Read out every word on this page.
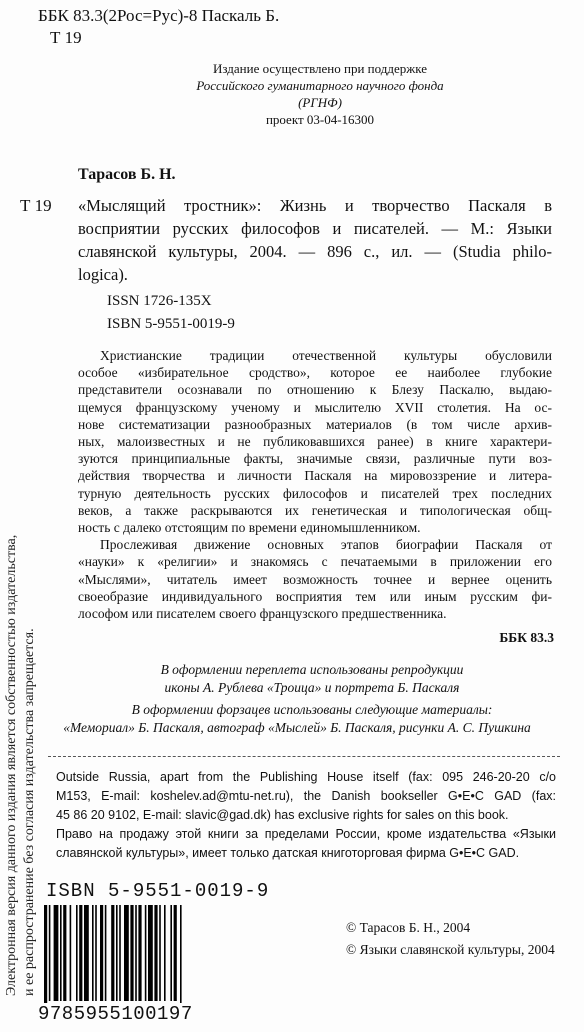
ББК 83.3(2Рос=Рус)-8 Паскаль Б.
Т 19
Издание осуществлено при поддержке
Российского гуманитарного научного фонда
(РГНФ)
проект 03-04-16300
Тарасов Б. Н.
Т 19 «Мыслящий тростник»: Жизнь и творчество Паскаля в
восприятии русских философов и писателей. — М.: Языки
славянской культуры, 2004. — 896 с., ил. — (Studia philo-
logica).
ISSN 1726-135X
ISBN 5-9551-0019-9
Христианские традиции отечественной культуры обусловили
особое «избирательное сродство», которое ее наиболее глубокие
представители осознавали по отношению к Блезу Паскалю, выдаю-
щемуся французскому ученому и мыслителю XVII столетия. На ос-
нове систематизации разнообразных материалов (в том числе архив-
ных, малоизвестных и не публиковавшихся ранее) в книге характери-
зуются принципиальные факты, значимые связи, различные пути воз-
действия творчества и личности Паскаля на мировоззрение и литера-
турную деятельность русских философов и писателей трех последних
веков, а также раскрываются их генетическая и типологическая общ-
ность с далеко отстоящим по времени единомышленником.
Прослеживая движение основных этапов биографии Паскаля от
«науки» к «религии» и знакомясь с печатаемыми в приложении его
«Мыслями», читатель имеет возможность точнее и вернее оценить
своеобразие индивидуального восприятия тем или иным русским фи-
лософом или писателем своего французского предшественника.
ББК 83.3
В оформлении переплета использованы репродукции
иконы А. Рублева «Троица» и портрета Б. Паскаля
В оформлении форзацев использованы следующие материалы:
«Мемориал» Б. Паскаля, автограф «Мыслей» Б. Паскаля, рисунки А. С. Пушкина
Outside Russia, apart from the Publishing House itself (fax: 095 246-20-20 c/o
M153, E-mail: koshelev.ad@mtu-net.ru), the Danish bookseller G•E•C GAD (fax:
45 86 20 9102, E-mail: slavic@gad.dk) has exclusive rights for sales on this book.
Право на продажу этой книги за пределами России, кроме издательства «Языки
славянской культуры», имеет только датская книготорговая фирма G•E•C GAD.
ISBN 5-9551-0019-9
9785955100197
© Тарасов Б. Н., 2004
© Языки славянской культуры, 2004
Электронная версия данного издания является собственностью издательства, и ее распространение без согласия издательства запрещается.
